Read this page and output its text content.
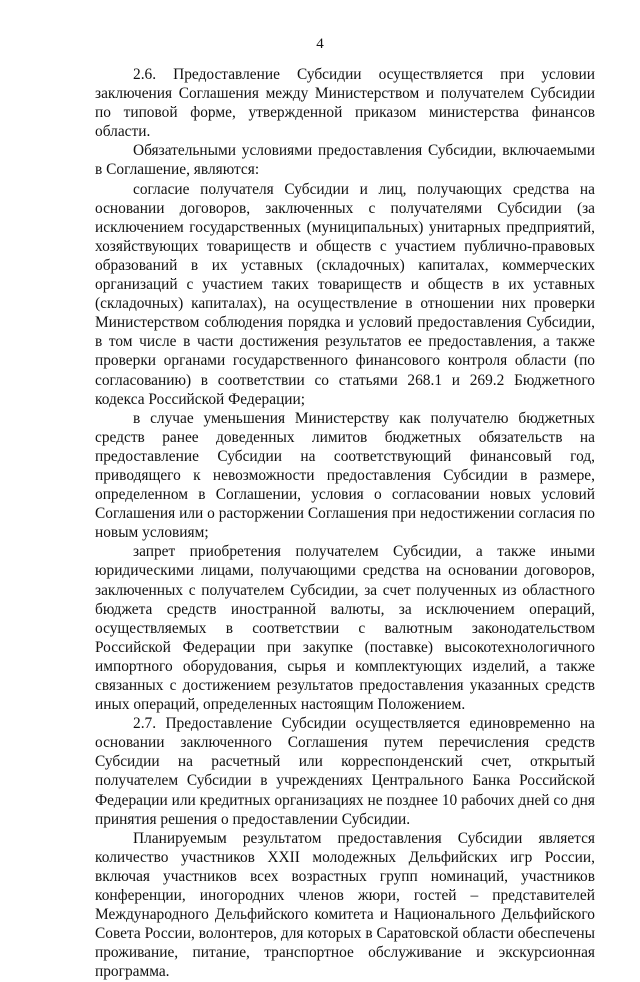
4

2.6. Предоставление Субсидии осуществляется при условии заключения Соглашения между Министерством и получателем Субсидии по типовой форме, утвержденной приказом министерства финансов области.

Обязательными условиями предоставления Субсидии, включаемыми в Соглашение, являются:

согласие получателя Субсидии и лиц, получающих средства на основании договоров, заключенных с получателями Субсидии (за исключением государственных (муниципальных) унитарных предприятий, хозяйствующих товариществ и обществ с участием публично-правовых образований в их уставных (складочных) капиталах, коммерческих организаций с участием таких товариществ и обществ в их уставных (складочных) капиталах), на осуществление в отношении них проверки Министерством соблюдения порядка и условий предоставления Субсидии, в том числе в части достижения результатов ее предоставления, а также проверки органами государственного финансового контроля области (по согласованию) в соответствии со статьями 268.1 и 269.2 Бюджетного кодекса Российской Федерации;

в случае уменьшения Министерству как получателю бюджетных средств ранее доведенных лимитов бюджетных обязательств на предоставление Субсидии на соответствующий финансовый год, приводящего к невозможности предоставления Субсидии в размере, определенном в Соглашении, условия о согласовании новых условий Соглашения или о расторжении Соглашения при недостижении согласия по новым условиям;

запрет приобретения получателем Субсидии, а также иными юридическими лицами, получающими средства на основании договоров, заключенных с получателем Субсидии, за счет полученных из областного бюджета средств иностранной валюты, за исключением операций, осуществляемых в соответствии с валютным законодательством Российской Федерации при закупке (поставке) высокотехнологичного импортного оборудования, сырья и комплектующих изделий, а также связанных с достижением результатов предоставления указанных средств иных операций, определенных настоящим Положением.

2.7. Предоставление Субсидии осуществляется единовременно на основании заключенного Соглашения путем перечисления средств Субсидии на расчетный или корреспонденский счет, открытый получателем Субсидии в учреждениях Центрального Банка Российской Федерации или кредитных организациях не позднее 10 рабочих дней со дня принятия решения о предоставлении Субсидии.

Планируемым результатом предоставления Субсидии является количество участников XXII молодежных Дельфийских игр России, включая участников всех возрастных групп номинаций, участников конференции, иногородних членов жюри, гостей – представителей Международного Дельфийского комитета и Национального Дельфийского Совета России, волонтеров, для которых в Саратовской области обеспечены проживание, питание, транспортное обслуживание и экскурсионная программа.
